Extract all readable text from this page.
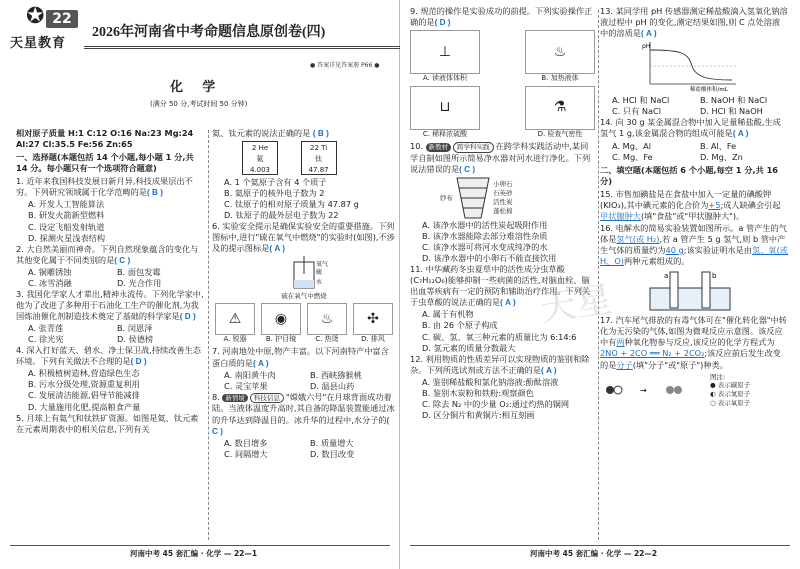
天星
✪ 22
天星教育
2026年河南省中考命题信息原创卷(四)
● 答案详见答案册 P66 ●
化 学
(满分 50 分,考试时间 50 分钟)
相对原子质量 H:1 C:12 O:16 Na:23 Mg:24 Al:27 Cl:35.5 Fe:56 Zn:65
一、选择题(本题包括 14 个小题,每小题 1 分,共 14 分。每小题只有一个选项符合题意)
1. 近年来我国科技发展日新月异,科技成果层出不穷。下列研究领域属于化学范畴的是( B )
A. 开发人工智能算法
B. 研发火箭新型燃料
C. 设定飞船发射轨道
D. 探测火星浅表结构
2. 大自然美丽而神奇。下列自然现象蕴含的变化与其他变化属于不同类别的是( C )
A. 铜雕锈蚀	B. 面包发霉
C. 冰雪消融	D. 光合作用
3. 我国化学家人才辈出,精神永流传。下列化学家中,他为了改进了多种用于石油化工生产的催化剂,为我国炼油催化剂制造技术奠定了基础的科学家是( D )
A. 张青莲	B. 闵恩泽
C. 徐光宪	D. 侯德榜
4. 深入打好蓝天、碧水、净土保卫战,持续改善生态环境。下列有关做法不合理的是( D )
A. 积极植树造林,营造绿色生态
B. 污水分级处理,资源重复利用
C. 发展清洁能源,倡导节能减排
D. 大量施用化肥,提高粮食产量
5. 月球上有氦气和钛铁矿资源。如图是氦、钛元素在元素周期表中的相关信息,下列有关
氦、钛元素的说法正确的是 ( B )
2 He
氦
4.003 22 Ti
钛
47.87
A. 1 个氦原子含有 4 个质子
B. 氦原子的核外电子数为 2
C. 钛原子的相对原子质量为 47.87 g
D. 钛原子的最外层电子数为 22
6. 实验安全提示是确保实验安全的重要措施。下列图标中,进行"硫在氧气中燃烧"的实验时(如图),不涉及的提示图标是( A )
氧气
硫
水
硫在氧气中燃烧
⚠
A. 锐器
◉
B. 护目镜
♨
C. 热烫
✣
D. 排风
7. 河南地处中原,物产丰富。以下河南特产中富含蛋白质的是( A )
A. 南阳黄牛肉	B. 西峡猕猴桃
C. 灵宝苹果	D. 温县山药
8. 新情境 科技信息 "嫦娥六号"在月球背面成功着陆。当液体温度升高时,其自备的降温装置能通过冰的升华达到降温目的。冰升华的过程中,水分子的( C )
A. 数目增多	B. 质量增大
C. 间隔增大	D. 数目改变
9. 规范的操作是实验成功的前提。下列实验操作正确的是( D )
⊥
A. 读液体体积
♨
B. 加热液体
⊔
C. 稀释浓硫酸
⚗
D. 检查气密性
10. 新教材 跨学科实践 在跨学科实践活动中,某同学自制如图所示简易净水器对河水进行净化。下列说法错误的是( C )
纱布
小卵石
石英砂
活性炭
蓬松棉
A. 该净水器中的活性炭起吸附作用
B. 该净水器能除去部分难溶性杂质
C. 该净水器可将河水变成纯净的水
D. 该净水器中的小卵石不能直接饮用
11. 中华藏药冬虫夏草中的活性成分虫草酸(C₇H₁₂O₆)能够抑制一些病菌的活性,对脑血栓、脑出血等疾病有一定的预防和辅助治疗作用。下列关于虫草酸的说法正确的是( A )
A. 属于有机物
B. 由 26 个原子构成
C. 碳、氢、氧三种元素的质量比为 6:14:6
D. 氢元素的质量分数最大
12. 利用物质的性质差异可以实现物质的鉴别和除杂。下列所选试剂或方法不正确的是( A )
A. 鉴别稀盐酸和氯化钠溶液:酚酞溶液
B. 鉴别木炭粉和铁粉:观察颜色
C. 除去 N₂ 中的少量 O₂:通过灼热的铜网
D. 区分铜片和黄铜片:相互刻画
13. 某同学用 pH 传感器测定稀盐酸滴入氢氧化钠溶液过程中 pH 的变化,测定结果如图,则 C 点处溶液中的溶质是( A )
pH
稀盐酸体积/mL
A. HCl 和 NaCl	B. NaOH 和 NaCl
C. 只有 NaCl	D. HCl 和 NaOH
14. 向 30 g 某金属混合物中加入足量稀盐酸,生成氢气 1 g,该金属混合物的组成可能是( A )
A. Mg、Al	B. Al、Fe
C. Mg、Fe	D. Mg、Zn
二、填空题(本题包括 6 个小题,每空 1 分,共 16 分)
15. 市售加碘盐是在食盐中加入一定量的碘酸钾(KIO₃),其中碘元素的化合价为+5;成人缺碘会引起甲状腺肿大(填"食盐"或"甲状腺肿大")。
16. 电解水的简易实验装置如图所示。a 管产生的气体是氢气(或 H₂),若 a 管产生 5 g 氢气,则 b 管中产生气体的质量约为40 g;该实验证明水是由氢、氧(或 H、O)两种元素组成的。
a	b
17. 汽车尾气排放的有毒气体可在"催化转化器"中转化为无污染的气体,如图为微观反应示意图。该反应中有两种氧化物参与反应,该反应的化学方程式为2NO + 2CO ══ N₂ + 2CO₂;该反应前后发生改变的是分子(填"分子"或"原子")种类。
→
图注:
● 表示碳原子
◐ 表示氮原子
○ 表示氧原子
河南中考 45 套汇编 · 化学 — 22—1	河南中考 45 套汇编 · 化学 — 22—2
